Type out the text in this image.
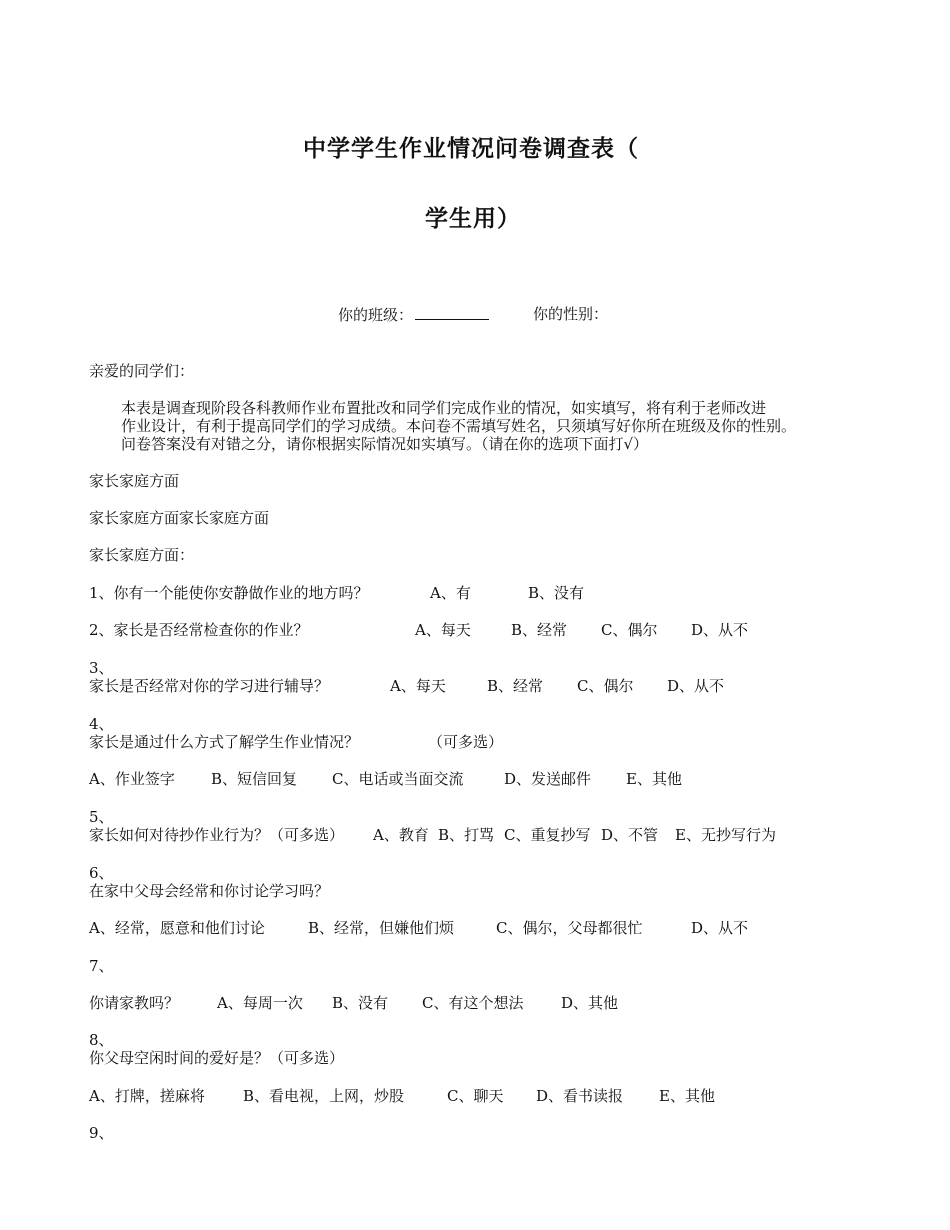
中学学生作业情况问卷调查表（
学生用）
你的班级：	你的性别：
亲爱的同学们：
本表是调查现阶段各科教师作业布置批改和同学们完成作业的情况，如实填写，将有利于老师改进
作业设计，有利于提高同学们的学习成绩。本问卷不需填写姓名，只须填写好你所在班级及你的性别。
问卷答案没有对错之分，请你根据实际情况如实填写。（请在你的选项下面打√）
家长家庭方面
家长家庭方面家长家庭方面
家长家庭方面：
1、你有一个能使你安静做作业的地方吗？	A、有	B、没有
2、家长是否经常检查你的作业？	A、每天	B、经常 C、偶尔 D、从不
3、
家长是否经常对你的学习进行辅导？	A、每天	B、经常 C、偶尔 D、从不
4、
家长是通过什么方式了解学生作业情况？	（可多选）
A、作业签字 B、短信回复 C、电话或当面交流	D、发送邮件 E、其他
5、
家长如何对待抄作业行为？（可多选） A、教育 B、打骂 C、重复抄写 D、不管 E、无抄写行为
6、
在家中父母会经常和你讨论学习吗？
A、经常，愿意和他们讨论	B、经常，但嫌他们烦	C、偶尔，父母都很忙	D、从不
7、
你请家教吗？	A、每周一次 B、没有 C、有这个想法	D、其他
8、
你父母空闲时间的爱好是？（可多选）
A、打牌，搓麻将	B、看电视，上网，炒股	C、聊天 D、看书读报 E、其他
9、
